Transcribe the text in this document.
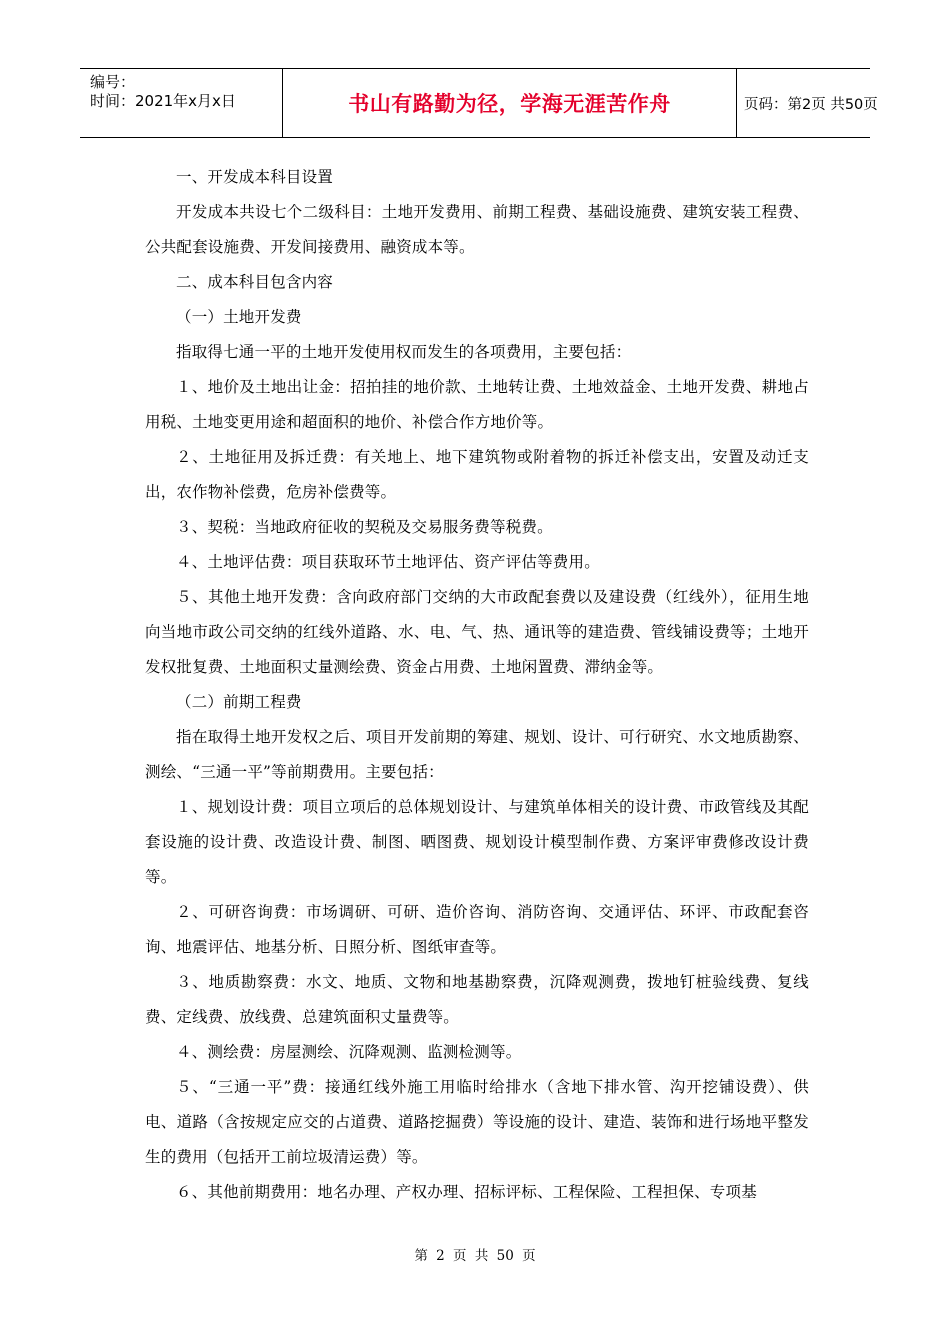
编号：
时间：2021年x月x日	书山有路勤为径，学海无涯苦作舟	页码：第2页 共50页

一、开发成本科目设置

开发成本共设七个二级科目：土地开发费用、前期工程费、基础设施费、建筑安装工程费、公共配套设施费、开发间接费用、融资成本等。

二、成本科目包含内容

（一）土地开发费

指取得七通一平的土地开发使用权而发生的各项费用，主要包括：

１、地价及土地出让金：招拍挂的地价款、土地转让费、土地效益金、土地开发费、耕地占用税、土地变更用途和超面积的地价、补偿合作方地价等。

２、土地征用及拆迁费：有关地上、地下建筑物或附着物的拆迁补偿支出，安置及动迁支出，农作物补偿费，危房补偿费等。

３、契税：当地政府征收的契税及交易服务费等税费。

４、土地评估费：项目获取环节土地评估、资产评估等费用。

５、其他土地开发费：含向政府部门交纳的大市政配套费以及建设费（红线外），征用生地向当地市政公司交纳的红线外道路、水、电、气、热、通讯等的建造费、管线铺设费等；土地开发权批复费、土地面积丈量测绘费、资金占用费、土地闲置费、滞纳金等。

（二）前期工程费

指在取得土地开发权之后、项目开发前期的筹建、规划、设计、可行研究、水文地质勘察、测绘、“三通一平”等前期费用。主要包括：

１、规划设计费：项目立项后的总体规划设计、与建筑单体相关的设计费、市政管线及其配套设施的设计费、改造设计费、制图、晒图费、规划设计模型制作费、方案评审费修改设计费等。

２、可研咨询费：市场调研、可研、造价咨询、消防咨询、交通评估、环评、市政配套咨询、地震评估、地基分析、日照分析、图纸审查等。

３、地质勘察费：水文、地质、文物和地基勘察费，沉降观测费，拨地钉桩验线费、复线费、定线费、放线费、总建筑面积丈量费等。

４、测绘费：房屋测绘、沉降观测、监测检测等。

５、“三通一平”费：接通红线外施工用临时给排水（含地下排水管、沟开挖铺设费）、供电、道路（含按规定应交的占道费、道路挖掘费）等设施的设计、建造、装饰和进行场地平整发生的费用（包括开工前垃圾清运费）等。

６、其他前期费用：地名办理、产权办理、招标评标、工程保险、工程担保、专项基

第 2 页 共 50 页
